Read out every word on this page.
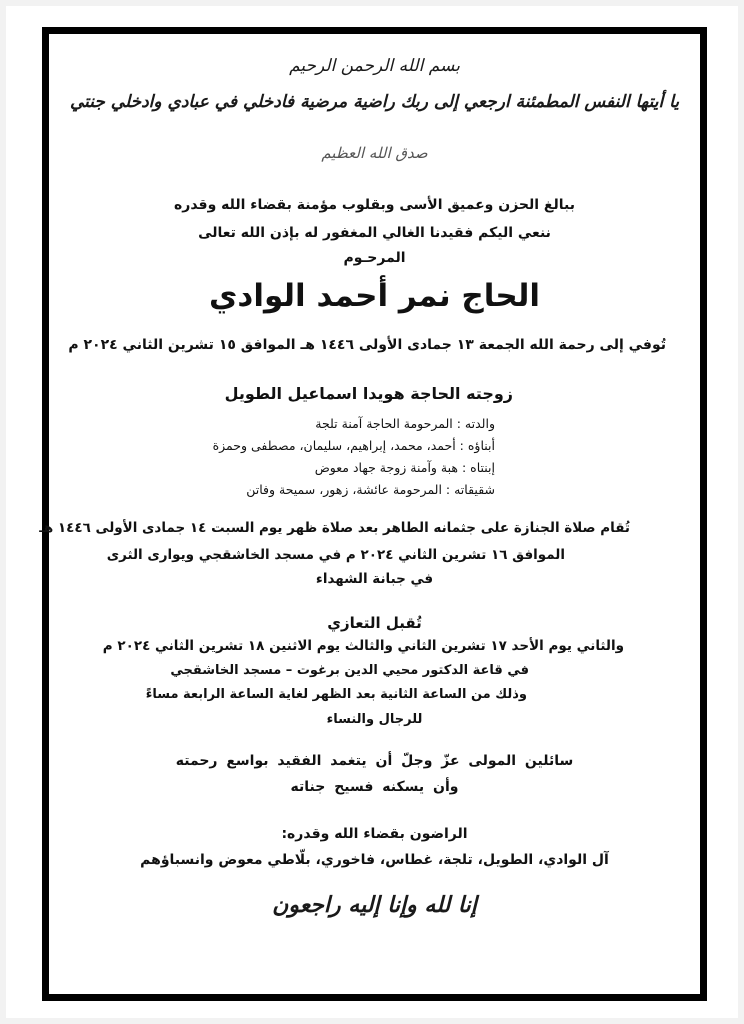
بسم الله الرحمن الرحيم
يا أيتها النفس المطمئنة ارجعي إلى ربك راضية مرضية فادخلي في عبادي وادخلي جنتي
صدق الله العظيم
ببالغ الحزن وعميق الأسى وبقلوب مؤمنة بقضاء الله وقدره
ننعي اليكم فقيدنا الغالي المغفور له بإذن الله تعالى
المرحـوم
الحاج نمر أحمد الوادي
تُوفي إلى رحمة الله الجمعة ١٣ جمادى الأولى ١٤٤٦ هـ الموافق ١٥ تشرين الثاني ٢٠٢٤ م
زوجته الحاجة هويدا اسماعيل الطويل
والدته : المرحومة الحاجة آمنة تلجة
أبناؤه : أحمد، محمد، إبراهيم، سليمان، مصطفى وحمزة
إبنتاه : هبة وآمنة زوجة جهاد معوض
شقيقاته : المرحومة عائشة، زهور، سميحة وفاتن
تُقام صلاة الجنازة على جثمانه الطاهر بعد صلاة ظهر يوم السبت ١٤ جمادى الأولى ١٤٤٦ هـ
الموافق ١٦ تشرين الثاني ٢٠٢٤ م في مسجد الخاشقجي ويوارى الثرى
في جبانة الشهداء
تُقبل التعازي
والثاني يوم الأحد ١٧ تشرين الثاني والثالث يوم الاثنين ١٨ تشرين الثاني ٢٠٢٤ م
في قاعة الدكتور محيي الدين برغوت – مسجد الخاشقجي
وذلك من الساعة الثانية بعد الظهر لغاية الساعة الرابعة مساءً
للرجال والنساء
سائلين المولى عزّ وجلّ أن يتغمد الفقيد بواسع رحمته
وأن يسكنه فسيح جناته
الراضون بقضاء الله وقدره:
آل الوادي، الطويل، تلجة، غطاس، فاخوري، بلّاطي معوض وانسباؤهم
إنا لله وإنا إليه راجعون
